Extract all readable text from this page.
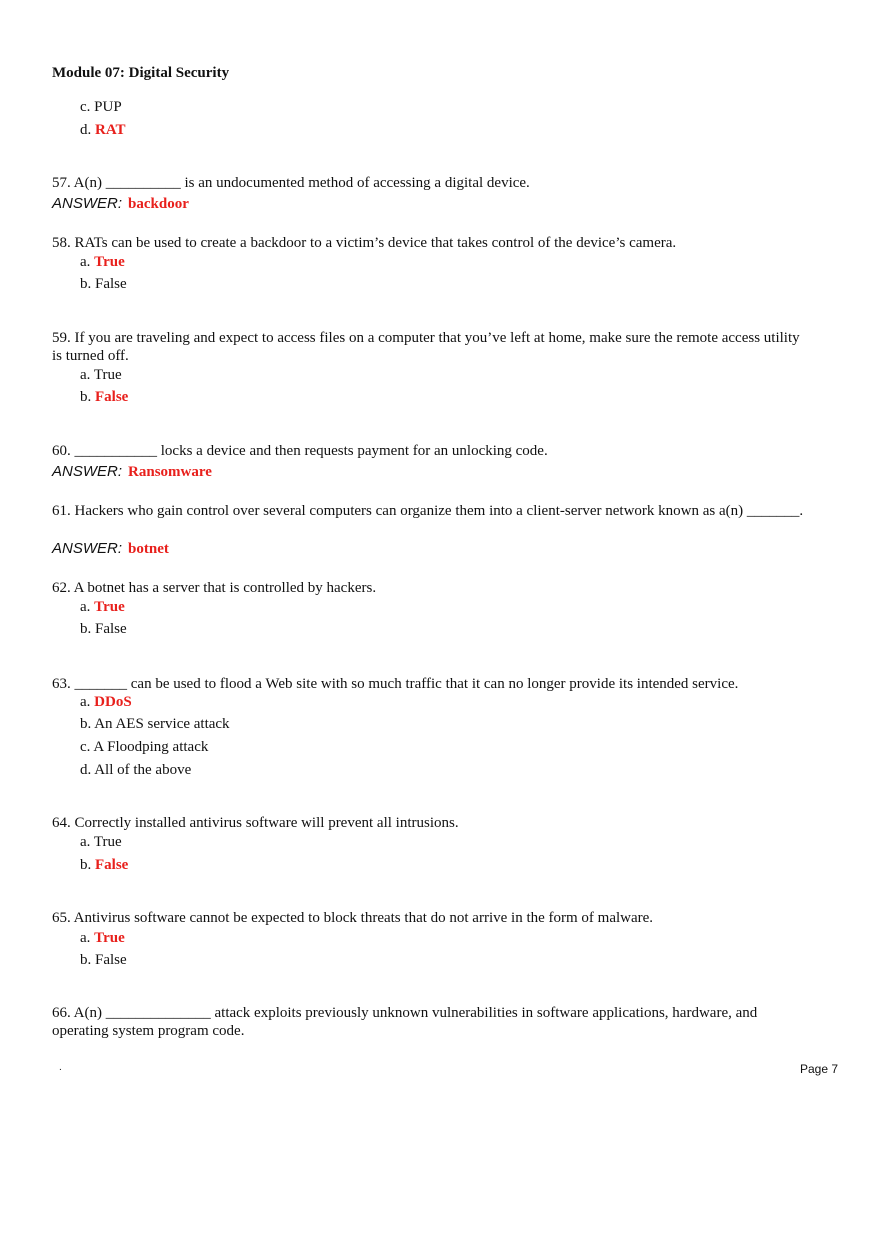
Module 07: Digital Security
c. PUP
d. RAT
57. A(n) __________ is an undocumented method of accessing a digital device.
ANSWER: backdoor
58. RATs can be used to create a backdoor to a victim’s device that takes control of the device’s camera.
a. True
b. False
59. If you are traveling and expect to access files on a computer that you’ve left at home, make sure the remote access utility is turned off.
a. True
b. False
60. ___________ locks a device and then requests payment for an unlocking code.
ANSWER: Ransomware
61. Hackers who gain control over several computers can organize them into a client-server network known as a(n) _______.
ANSWER: botnet
62. A botnet has a server that is controlled by hackers.
a. True
b. False
63. _______ can be used to flood a Web site with so much traffic that it can no longer provide its intended service.
a. DDoS
b. An AES service attack
c. A Floodping attack
d. All of the above
64. Correctly installed antivirus software will prevent all intrusions.
a. True
b. False
65. Antivirus software cannot be expected to block threats that do not arrive in the form of malware.
a. True
b. False
66. A(n) ______________ attack exploits previously unknown vulnerabilities in software applications, hardware, and operating system program code.
.	Page 7
